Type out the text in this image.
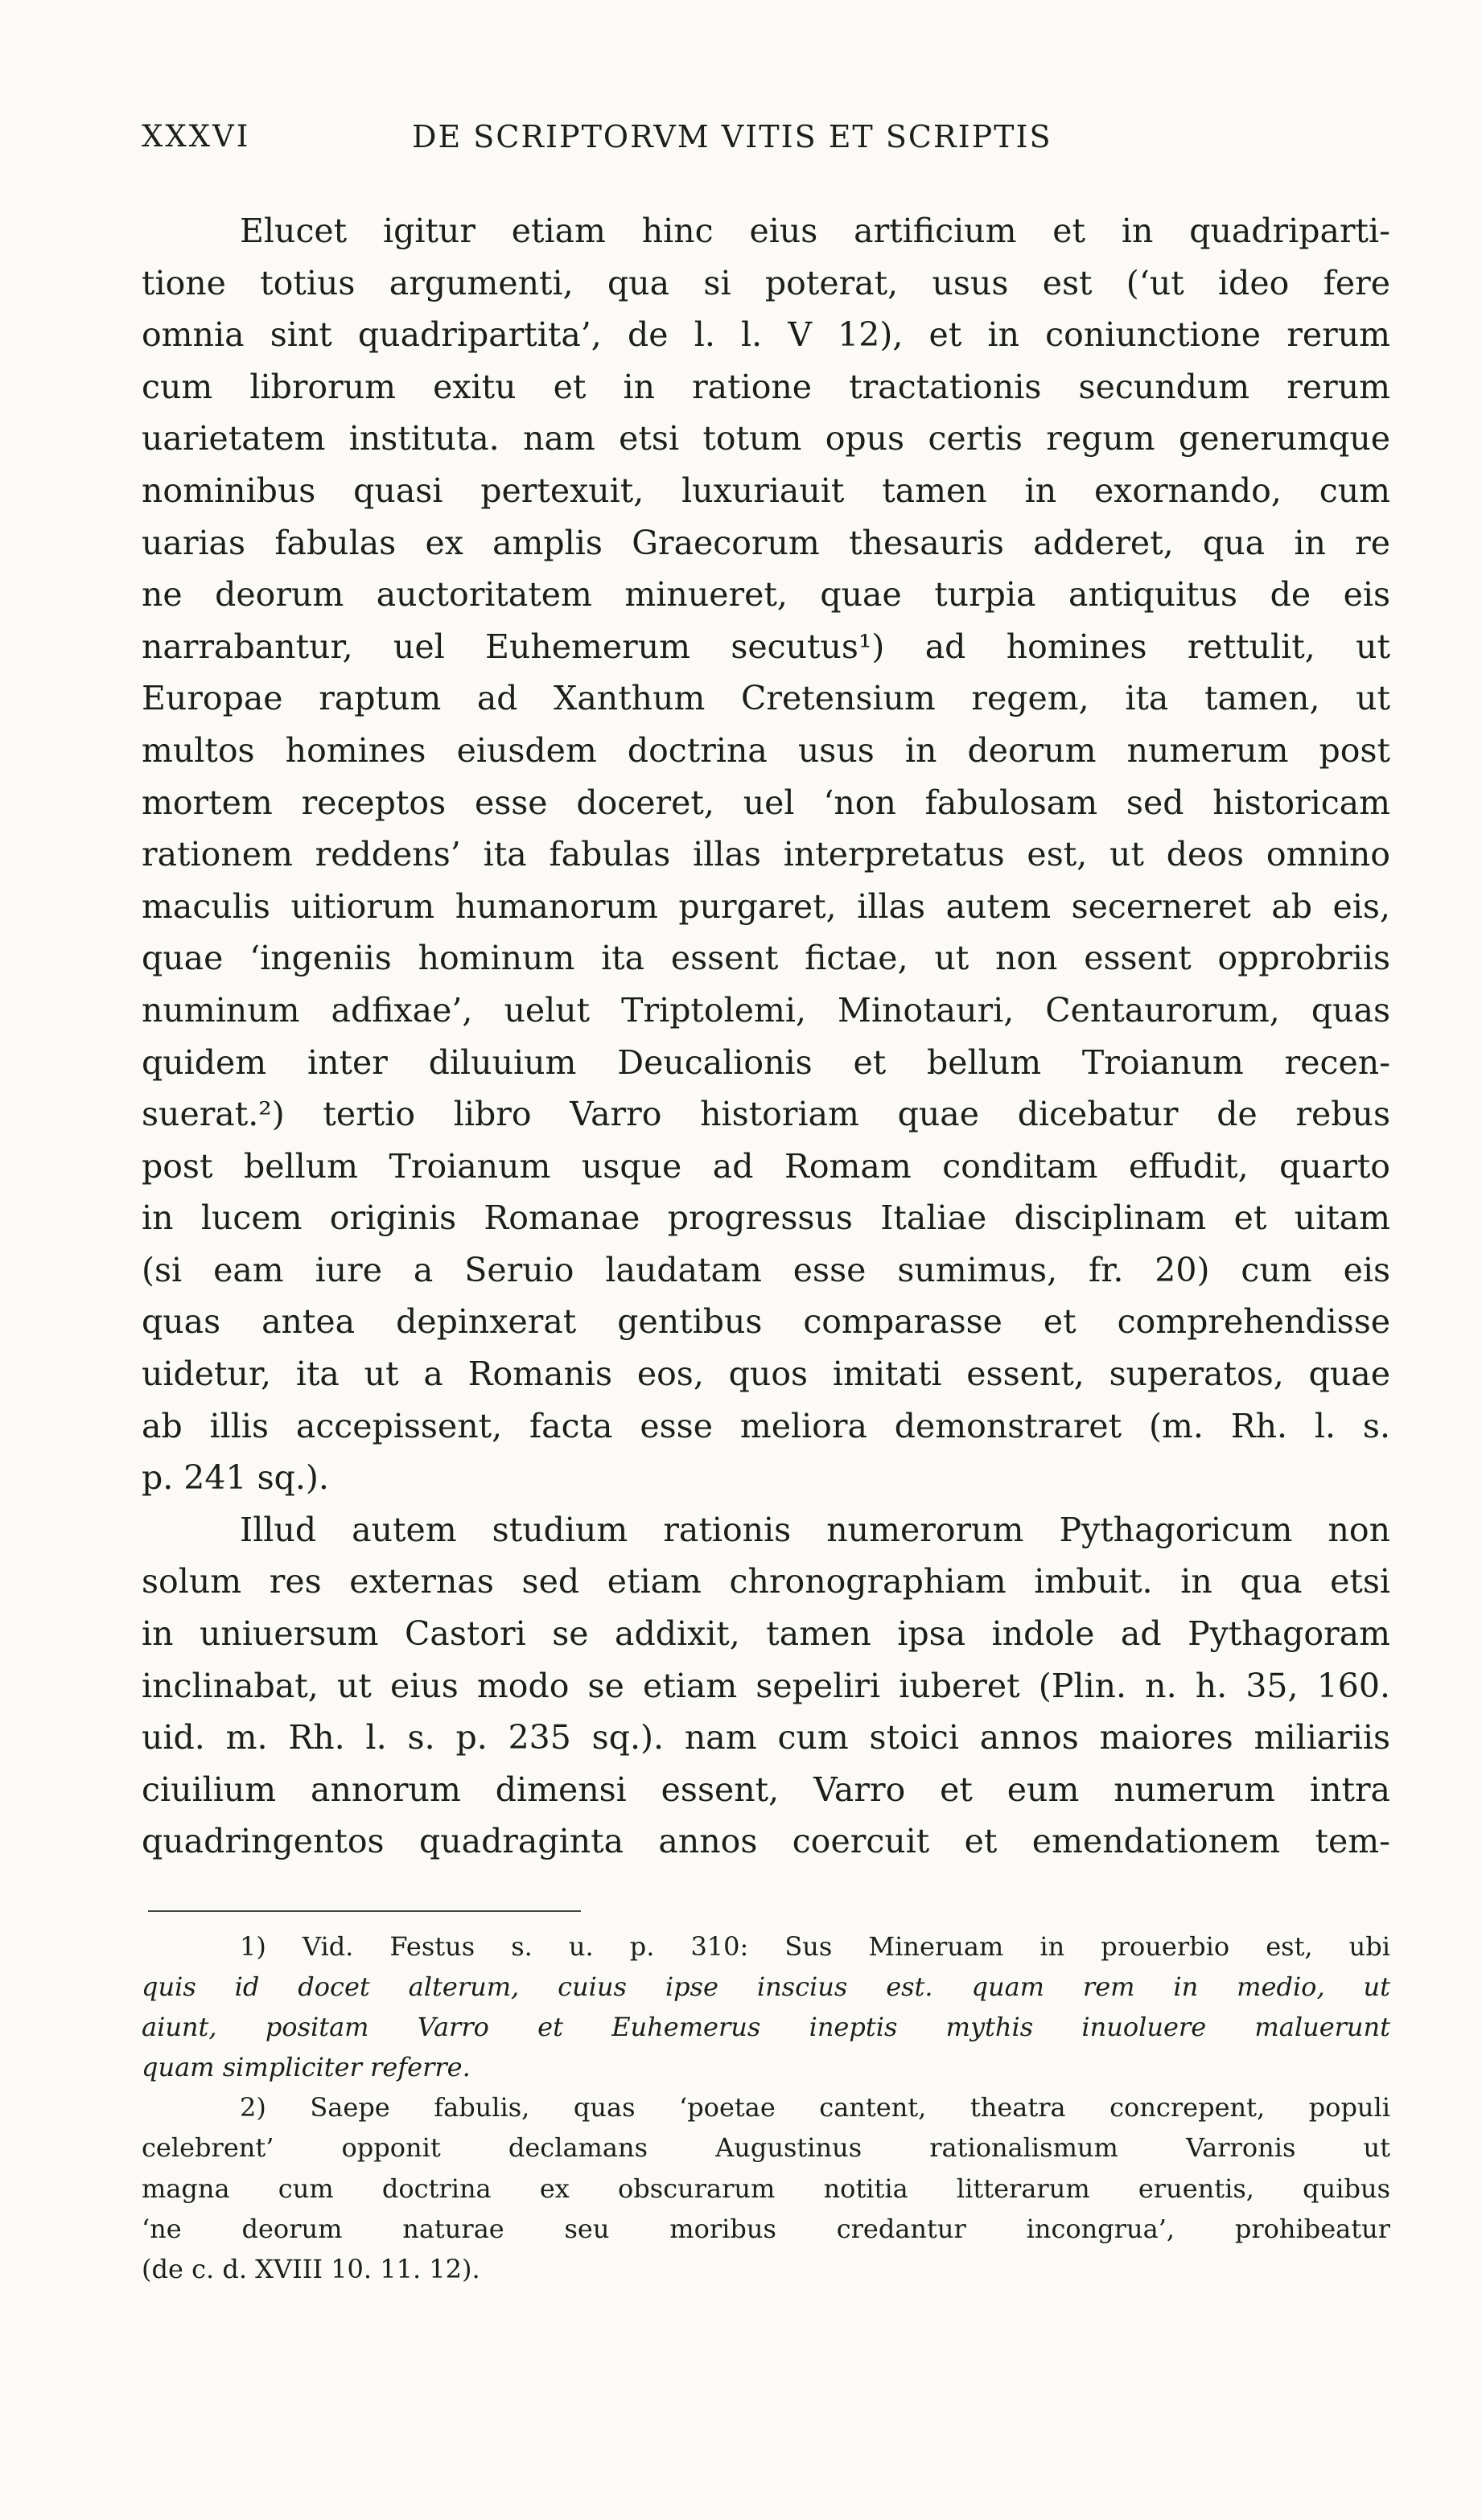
XXXVI	DE SCRIPTORVM VITIS ET SCRIPTIS
Elucet igitur etiam hinc eius artificium et in quadriparti-
tione totius argumenti, qua si poterat, usus est (‘ut ideo fere
omnia sint quadripartita’, de l. l. V 12), et in coniunctione rerum
cum librorum exitu et in ratione tractationis secundum rerum
uarietatem instituta. nam etsi totum opus certis regum generumque
nominibus quasi pertexuit, luxuriauit tamen in exornando, cum
uarias fabulas ex amplis Graecorum thesauris adderet, qua in re
ne deorum auctoritatem minueret, quae turpia antiquitus de eis
narrabantur, uel Euhemerum secutus¹) ad homines rettulit, ut
Europae raptum ad Xanthum Cretensium regem, ita tamen, ut
multos homines eiusdem doctrina usus in deorum numerum post
mortem receptos esse doceret, uel ‘non fabulosam sed historicam
rationem reddens’ ita fabulas illas interpretatus est, ut deos omnino
maculis uitiorum humanorum purgaret, illas autem secerneret ab eis,
quae ‘ingeniis hominum ita essent fictae, ut non essent opprobriis
numinum adfixae’, uelut Triptolemi, Minotauri, Centaurorum, quas
quidem inter diluuium Deucalionis et bellum Troianum recen-
suerat.²) tertio libro Varro historiam quae dicebatur de rebus
post bellum Troianum usque ad Romam conditam effudit, quarto
in lucem originis Romanae progressus Italiae disciplinam et uitam
(si eam iure a Seruio laudatam esse sumimus, fr. 20) cum eis
quas antea depinxerat gentibus comparasse et comprehendisse
uidetur, ita ut a Romanis eos, quos imitati essent, superatos, quae
ab illis accepissent, facta esse meliora demonstraret (m. Rh. l. s.
p. 241 sq.).
Illud autem studium rationis numerorum Pythagoricum non
solum res externas sed etiam chronographiam imbuit. in qua etsi
in uniuersum Castori se addixit, tamen ipsa indole ad Pythagoram
inclinabat, ut eius modo se etiam sepeliri iuberet (Plin. n. h. 35, 160.
uid. m. Rh. l. s. p. 235 sq.). nam cum stoici annos maiores miliariis
ciuilium annorum dimensi essent, Varro et eum numerum intra
quadringentos quadraginta annos coercuit et emendationem tem-
1) Vid. Festus s. u. p. 310: Sus Mineruam in prouerbio est, ubi
quis id docet alterum, cuius ipse inscius est. quam rem in medio, ut
aiunt, positam Varro et Euhemerus ineptis mythis inuoluere maluerunt
quam simpliciter referre.
2) Saepe fabulis, quas ‘poetae cantent, theatra concrepent, populi
celebrent’ opponit declamans Augustinus rationalismum Varronis ut
magna cum doctrina ex obscurarum notitia litterarum eruentis, quibus
‘ne deorum naturae seu moribus credantur incongrua’, prohibeatur
(de c. d. XVIII 10. 11. 12).
